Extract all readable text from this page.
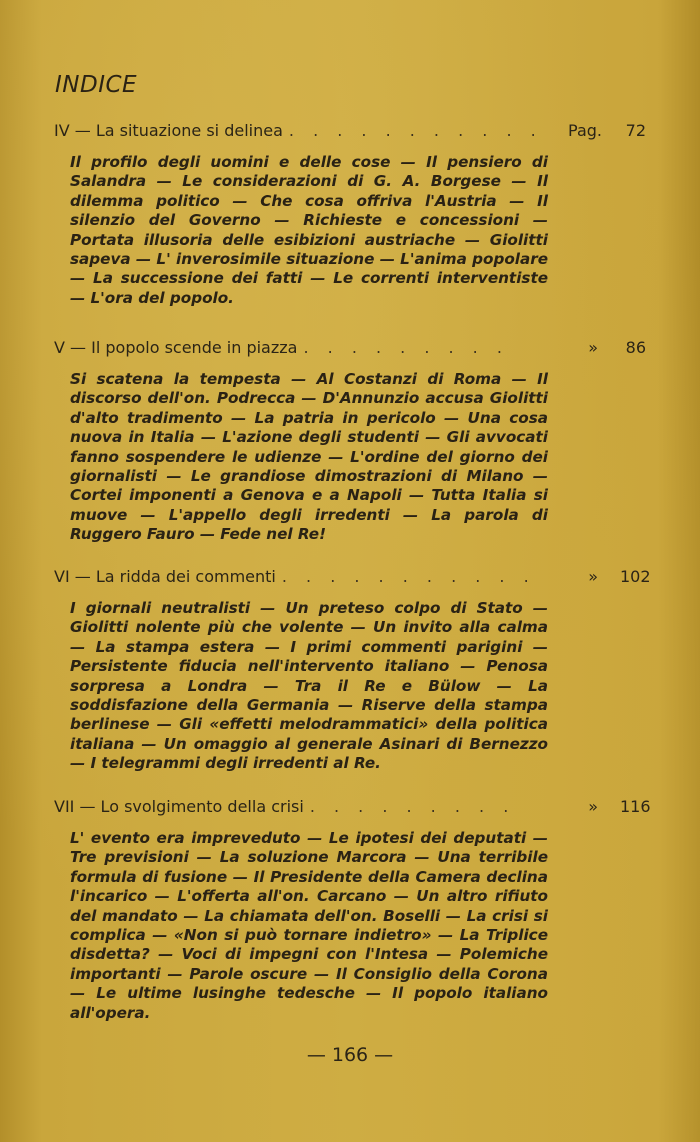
INDICE
IV — La situazione si delinea . . . . . . . . . . .	Pag.	72
Il profilo degli uomini e delle cose — Il pensiero di Salandra — Le considerazioni di G. A. Borgese — Il dilemma politico — Che cosa offriva l'Austria — Il silenzio del Governo — Richieste e concessioni — Portata illusoria delle esibizioni austriache — Giolitti sapeva — L' inverosimile situazione — L'anima popolare — La successione dei fatti — Le correnti interventiste — L'ora del popolo.
V — Il popolo scende in piazza . . . . . . . . .	»	86
Si scatena la tempesta — Al Costanzi di Roma — Il discorso dell'on. Podrecca — D'Annunzio accusa Giolitti d'alto tradimento — La patria in pericolo — Una cosa nuova in Italia — L'azione degli studenti — Gli avvocati fanno sospendere le udienze — L'ordine del giorno dei giornalisti — Le grandiose dimostrazioni di Milano — Cortei imponenti a Genova e a Napoli — Tutta Italia si muove — L'appello degli irredenti — La parola di Ruggero Fauro — Fede nel Re!
VI — La ridda dei commenti . . . . . . . . . . .	» 102
I giornali neutralisti — Un preteso colpo di Stato — Giolitti nolente più che volente — Un invito alla calma — La stampa estera — I primi commenti parigini — Persistente fiducia nell'intervento italiano — Penosa sorpresa a Londra — Tra il Re e Bülow — La soddisfazione della Germania — Riserve della stampa berlinese — Gli «effetti melodrammatici» della politica italiana — Un omaggio al generale Asinari di Bernezzo — I telegrammi degli irredenti al Re.
VII — Lo svolgimento della crisi . . . . . . . . .	» 116
L' evento era impreveduto — Le ipotesi dei deputati — Tre previsioni — La soluzione Marcora — Una terribile formula di fusione — Il Presidente della Camera declina l'incarico — L'offerta all'on. Carcano — Un altro rifiuto del mandato — La chiamata dell'on. Boselli — La crisi si complica — «Non si può tornare indietro» — La Triplice disdetta? — Voci di impegni con l'Intesa — Polemiche importanti — Parole oscure — Il Consiglio della Corona — Le ultime lusinghe tedesche — Il popolo italiano all'opera.
— 166 —
